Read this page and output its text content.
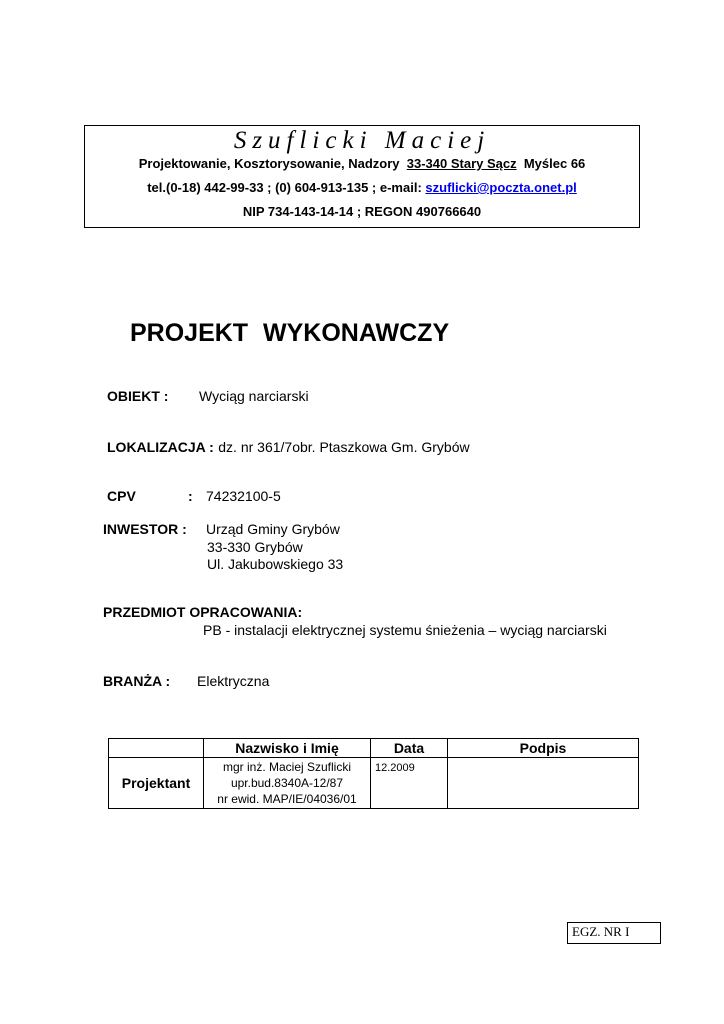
Szuflicki Maciej
Projektowanie, Kosztorysowanie, Nadzory 33-340 Stary Sącz Myślec 66
tel.(0-18) 442-99-33 ; (0) 604-913-135 ; e-mail: szuflicki@poczta.onet.pl
NIP 734-143-14-14 ; REGON 490766640
PROJEKT WYKONAWCZY
OBIEKT : Wyciąg narciarski
LOKALIZACJA : dz. nr 361/7obr. Ptaszkowa Gm. Grybów
CPV	: 74232100-5
INWESTOR : Urząd Gminy Grybów
33-330 Grybów
Ul. Jakubowskiego 33
PRZEDMIOT OPRACOWANIA:
PB - instalacji elektrycznej systemu śnieżenia – wyciąg narciarski
BRANŻA : Elektryczna
	Nazwisko i Imię	Data	Podpis
Projektant	mgr inż. Maciej Szuflicki
upr.bud.8340A-12/87
nr ewid. MAP/IE/04036/01	12.2009	
EGZ. NR I
